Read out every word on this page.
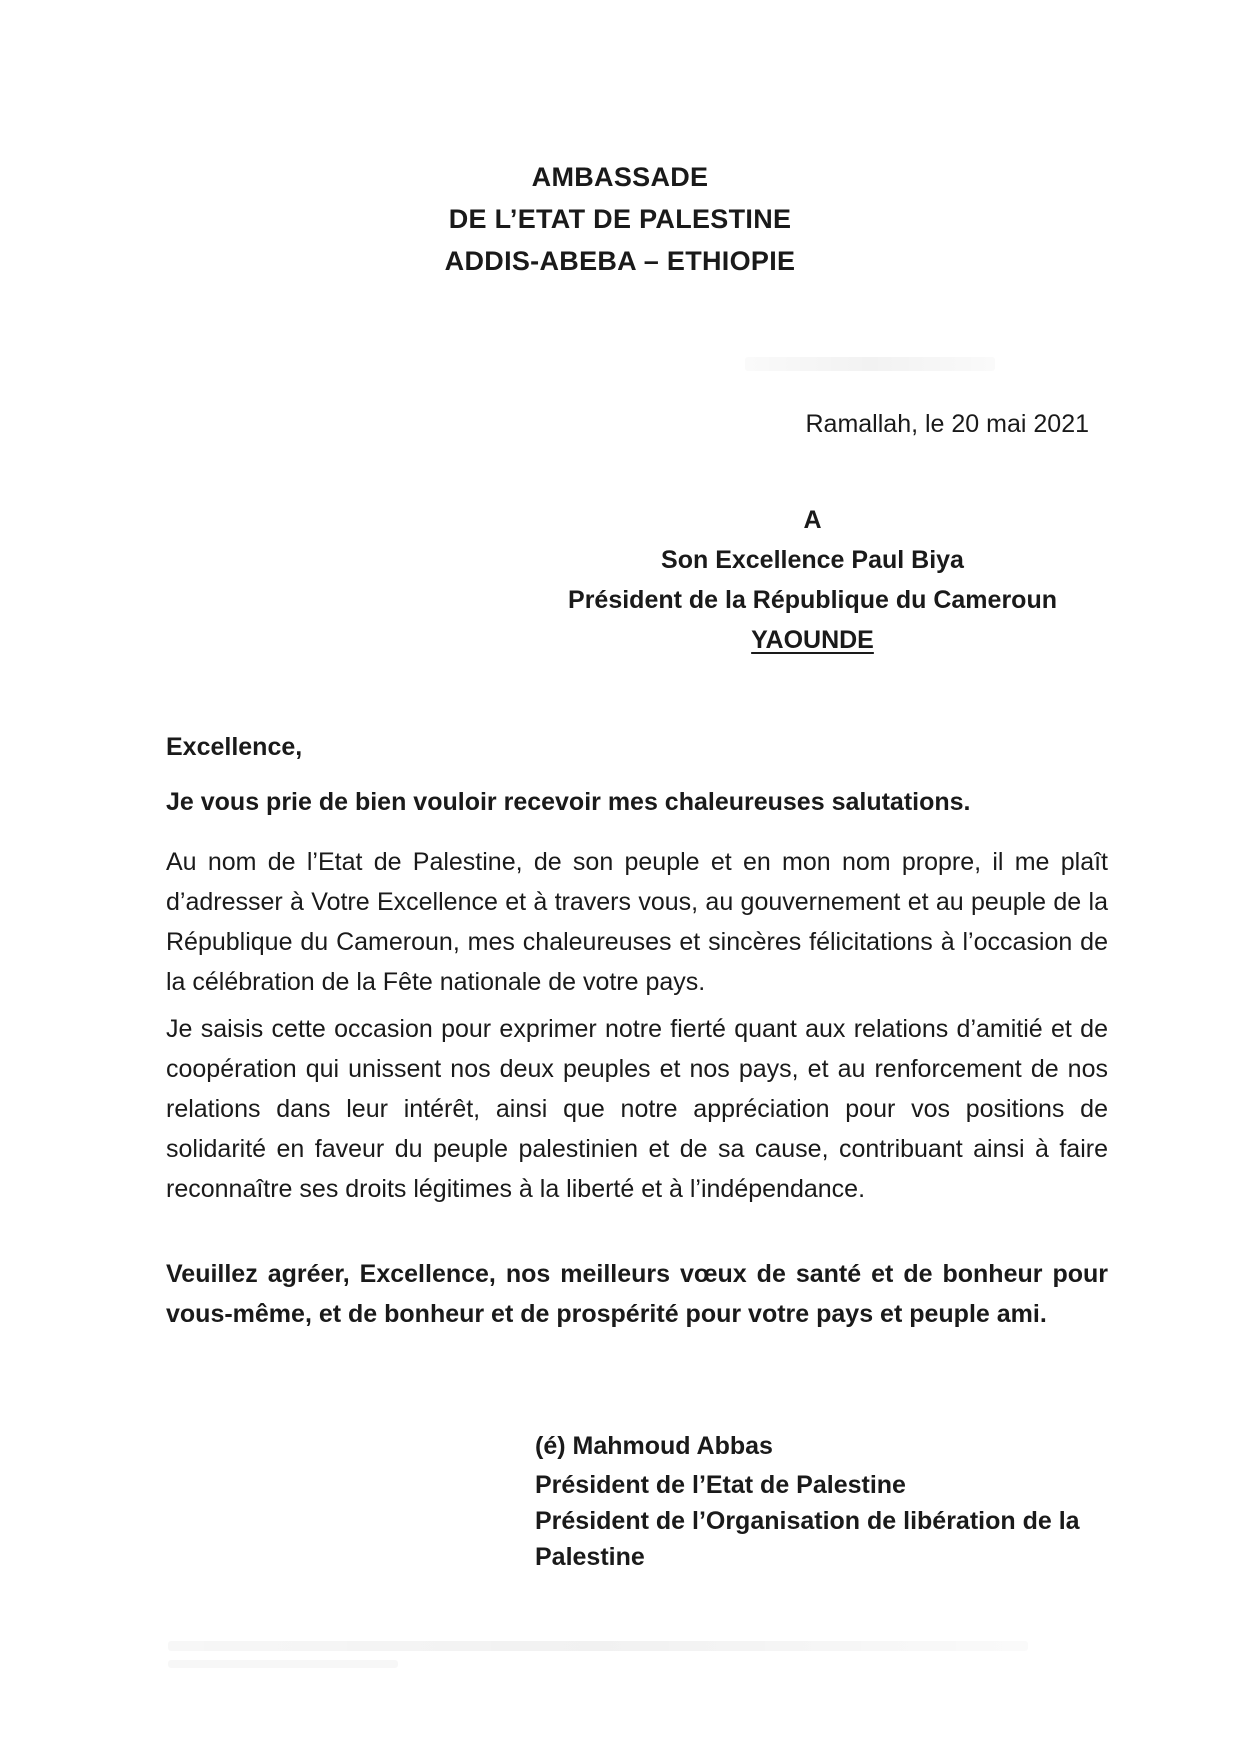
AMBASSADE
DE L’ETAT DE PALESTINE
ADDIS-ABEBA – ETHIOPIE
Ramallah, le 20 mai 2021
A
Son Excellence Paul Biya
Président de la République du Cameroun
YAOUNDE
Excellence,
Je vous prie de bien vouloir recevoir mes chaleureuses salutations.
Au nom de l’Etat de Palestine, de son peuple et en mon nom propre, il me plaît d’adresser à Votre Excellence et à travers vous, au gouvernement et au peuple de la République du Cameroun, mes chaleureuses et sincères félicitations à l’occasion de la célébration de la Fête nationale de votre pays.
Je saisis cette occasion pour exprimer notre fierté quant aux relations d’amitié et de coopération qui unissent nos deux peuples et nos pays, et au renforcement de nos relations dans leur intérêt, ainsi que notre appréciation pour vos positions de solidarité en faveur du peuple palestinien et de sa cause, contribuant ainsi à faire reconnaître ses droits légitimes à la liberté et à l’indépendance.
Veuillez agréer, Excellence, nos meilleurs vœux de santé et de bonheur pour vous-même, et de bonheur et de prospérité pour votre pays et peuple ami.
(é) Mahmoud Abbas
Président de l’Etat de Palestine
Président de l’Organisation de libération de la Palestine
